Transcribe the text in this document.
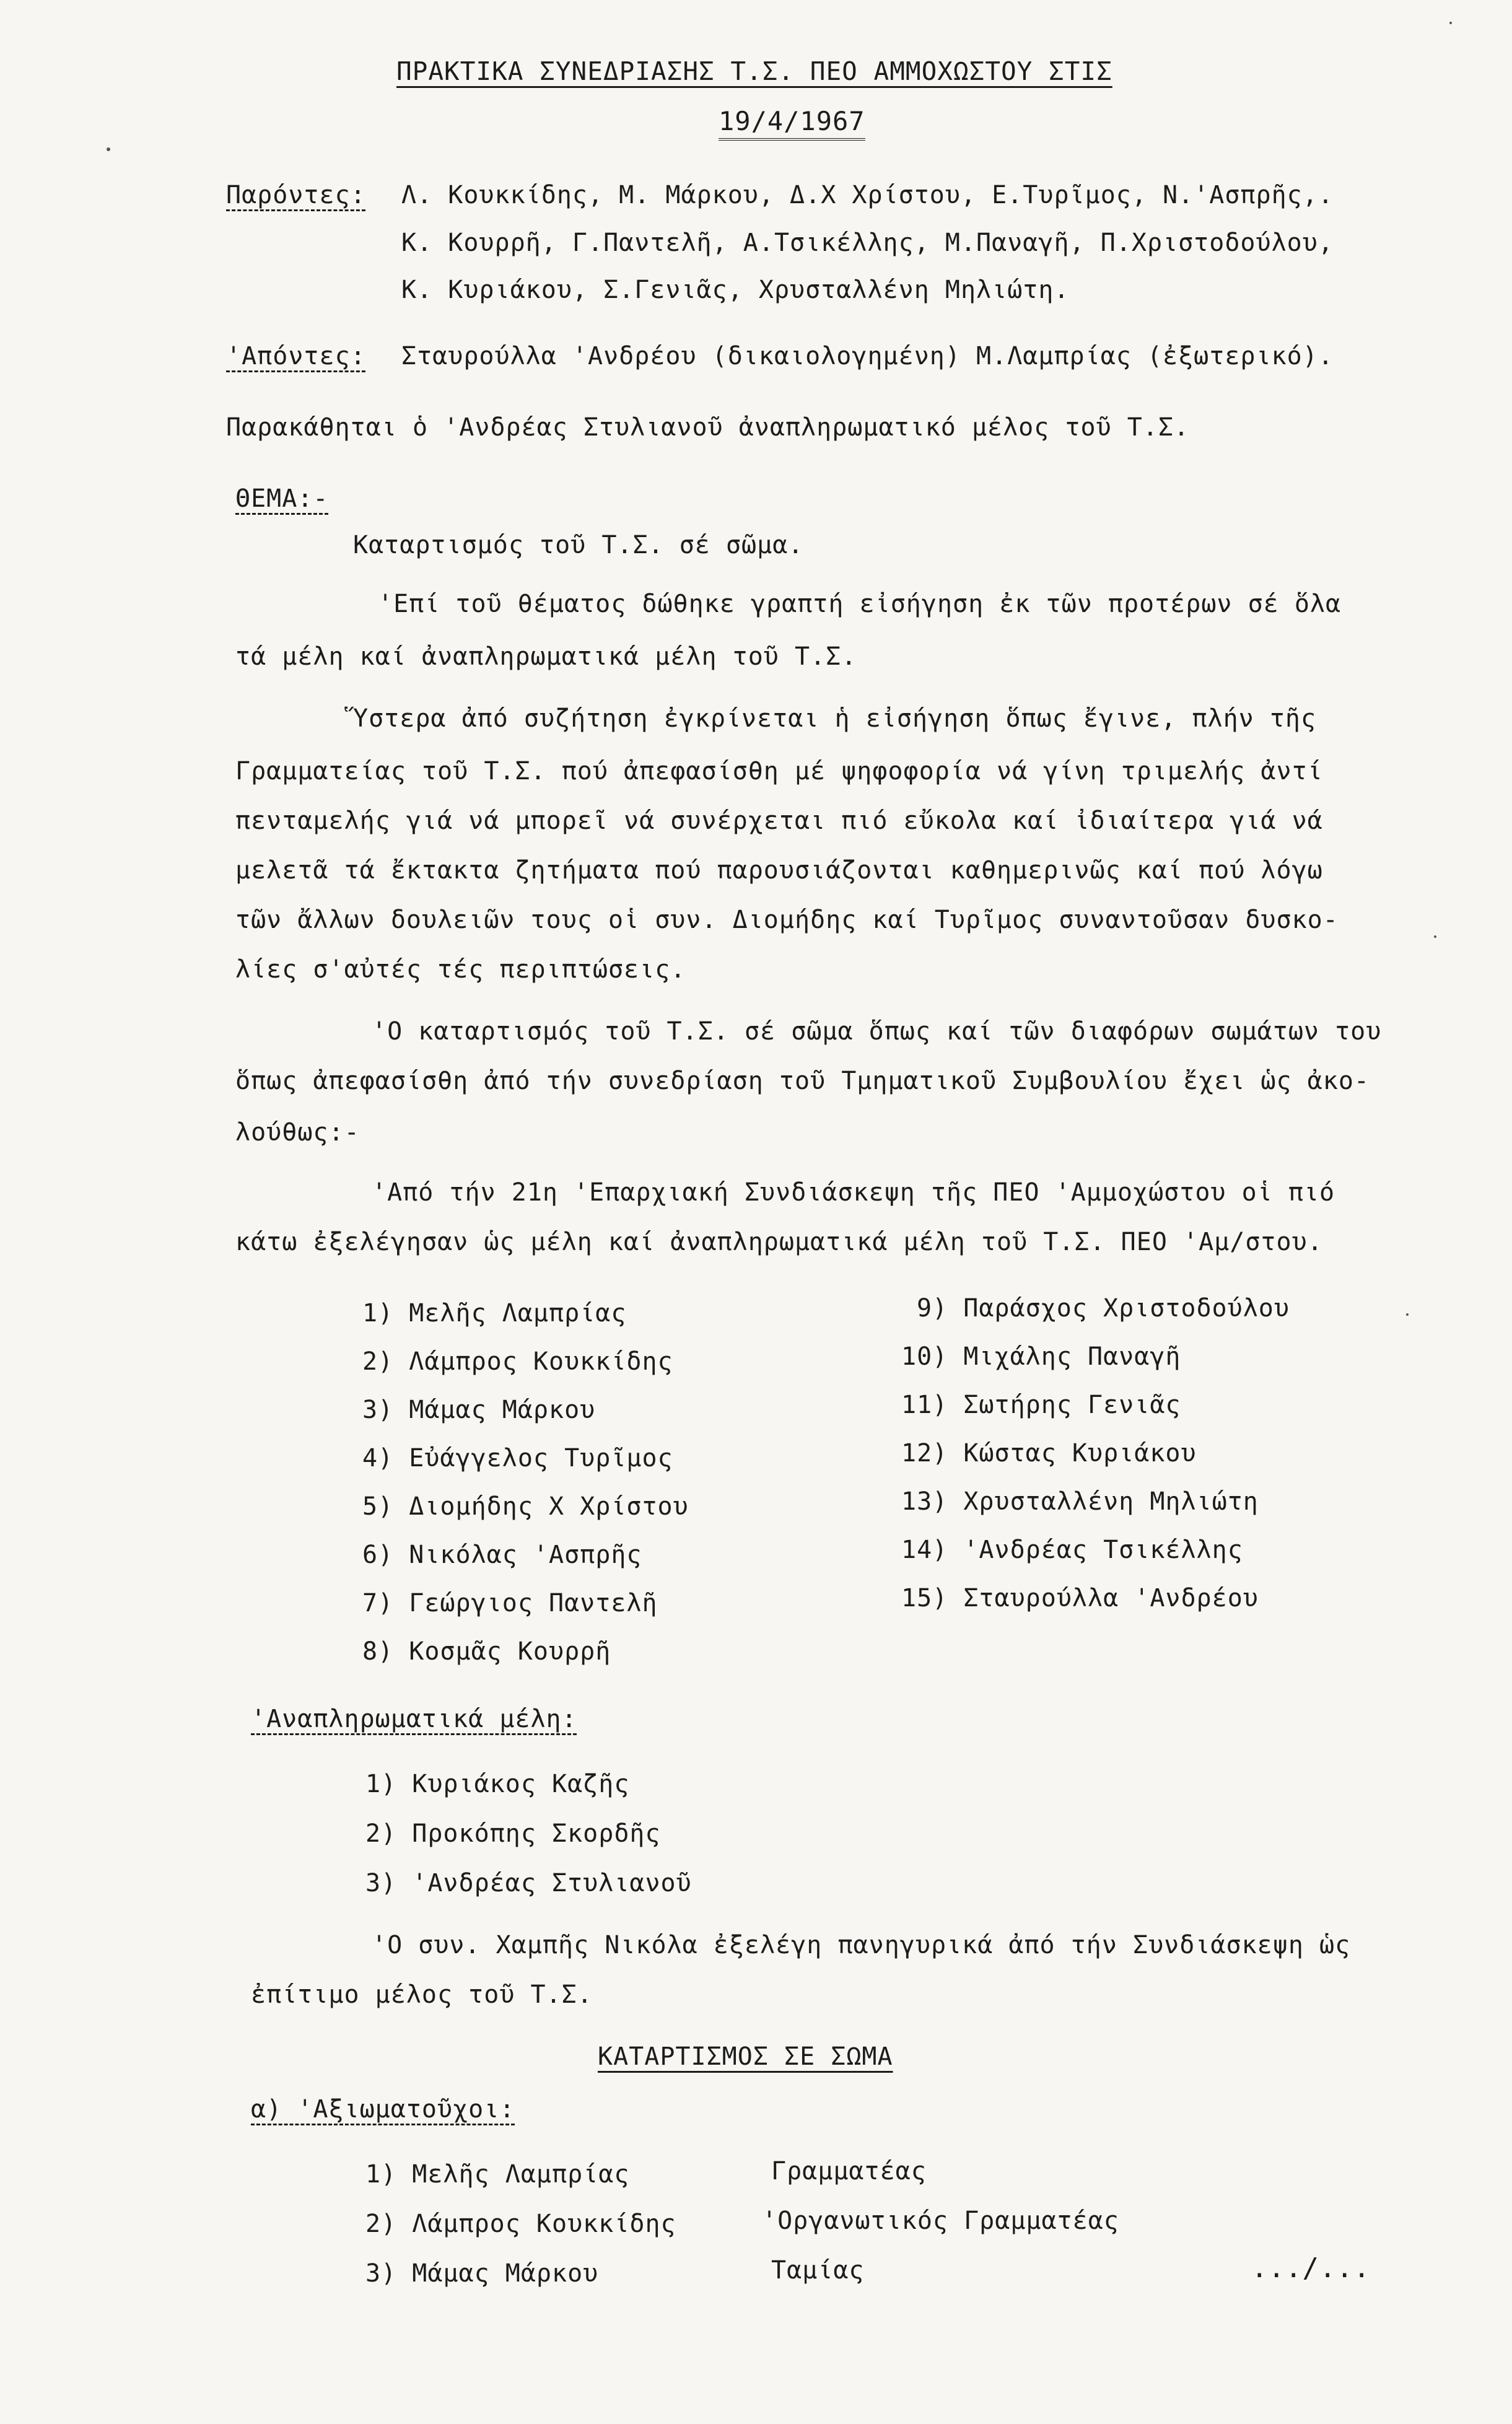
ΠΡΑΚΤΙΚΑ ΣΥΝΕΔΡΙΑΣΗΣ Τ.Σ. ΠΕΟ ΑΜΜΟΧΩΣΤΟΥ ΣΤΙΣ
19/4/1967
Παρόντες: Λ. Κουκκίδης, Μ. Μάρκου, Δ.Χ Χρίστου, Ε.Τυρῖμος, Ν.'Ασπρῆς,.
Κ. Κουρρῆ, Γ.Παντελῆ, Α.Τσικέλλης, Μ.Παναγῆ, Π.Χριστοδούλου,
Κ. Κυριάκου, Σ.Γενιᾶς, Χρυσταλλένη Μηλιώτη.
'Απόντες: Σταυρούλλα 'Ανδρέου (δικαιολογημένη) Μ.Λαμπρίας (ἐξωτερικό).
Παρακάθηται ὁ 'Ανδρέας Στυλιανοῦ ἀναπληρωματικό μέλος τοῦ Τ.Σ.
ΘΕΜΑ:-
Καταρτισμός τοῦ Τ.Σ. σέ σῶμα.
'Επί τοῦ θέματος δώθηκε γραπτή εἰσήγηση ἐκ τῶν προτέρων σέ ὅλα
τά μέλη καί ἀναπληρωματικά μέλη τοῦ Τ.Σ.
Ὕστερα ἀπό συζήτηση ἐγκρίνεται ἡ εἰσήγηση ὅπως ἔγινε, πλήν τῆς
Γραμματείας τοῦ Τ.Σ. πού ἀπεφασίσθη μέ ψηφοφορία νά γίνη τριμελής ἀντί
πενταμελής γιά νά μπορεῖ νά συνέρχεται πιό εὔκολα καί ἰδιαίτερα γιά νά
μελετᾶ τά ἔκτακτα ζητήματα πού παρουσιάζονται καθημερινῶς καί πού λόγω
τῶν ἄλλων δουλειῶν τους οἱ συν. Διομήδης καί Τυρῖμος συναντοῦσαν δυσκο-
λίες σ'αὐτές τές περιπτώσεις.
'Ο καταρτισμός τοῦ Τ.Σ. σέ σῶμα ὅπως καί τῶν διαφόρων σωμάτων του
ὅπως ἀπεφασίσθη ἀπό τήν συνεδρίαση τοῦ Τμηματικοῦ Συμβουλίου ἔχει ὡς ἀκο-
λούθως:-
'Από τήν 21η 'Επαρχιακή Συνδιάσκεψη τῆς ΠΕΟ 'Αμμοχώστου οἱ πιό
κάτω ἐξελέγησαν ὡς μέλη καί ἀναπληρωματικά μέλη τοῦ Τ.Σ. ΠΕΟ 'Αμ/στου.
1) Μελῆς Λαμπρίας
2) Λάμπρος Κουκκίδης
3) Μάμας Μάρκου
4) Εὐάγγελος Τυρῖμος
5) Διομήδης Χ Χρίστου
6) Νικόλας 'Ασπρῆς
7) Γεώργιος Παντελῆ
8) Κοσμᾶς Κουρρῆ
9) Παράσχος Χριστοδούλου
10) Μιχάλης Παναγῆ
11) Σωτήρης Γενιᾶς
12) Κώστας Κυριάκου
13) Χρυσταλλένη Μηλιώτη
14) 'Ανδρέας Τσικέλλης
15) Σταυρούλλα 'Ανδρέου
'Αναπληρωματικά μέλη:
1) Κυριάκος Καζῆς
2) Προκόπης Σκορδῆς
3) 'Ανδρέας Στυλιανοῦ
'Ο συν. Χαμπῆς Νικόλα ἐξελέγη πανηγυρικά ἀπό τήν Συνδιάσκεψη ὡς
ἐπίτιμο μέλος τοῦ Τ.Σ.
ΚΑΤΑΡΤΙΣΜΟΣ ΣΕ ΣΩΜΑ
α) 'Αξιωματοῦχοι:
1) Μελῆς Λαμπρίας	Γραμματέας
2) Λάμπρος Κουκκίδης	'Οργανωτικός Γραμματέας
3) Μάμας Μάρκου	Ταμίας	.../...
